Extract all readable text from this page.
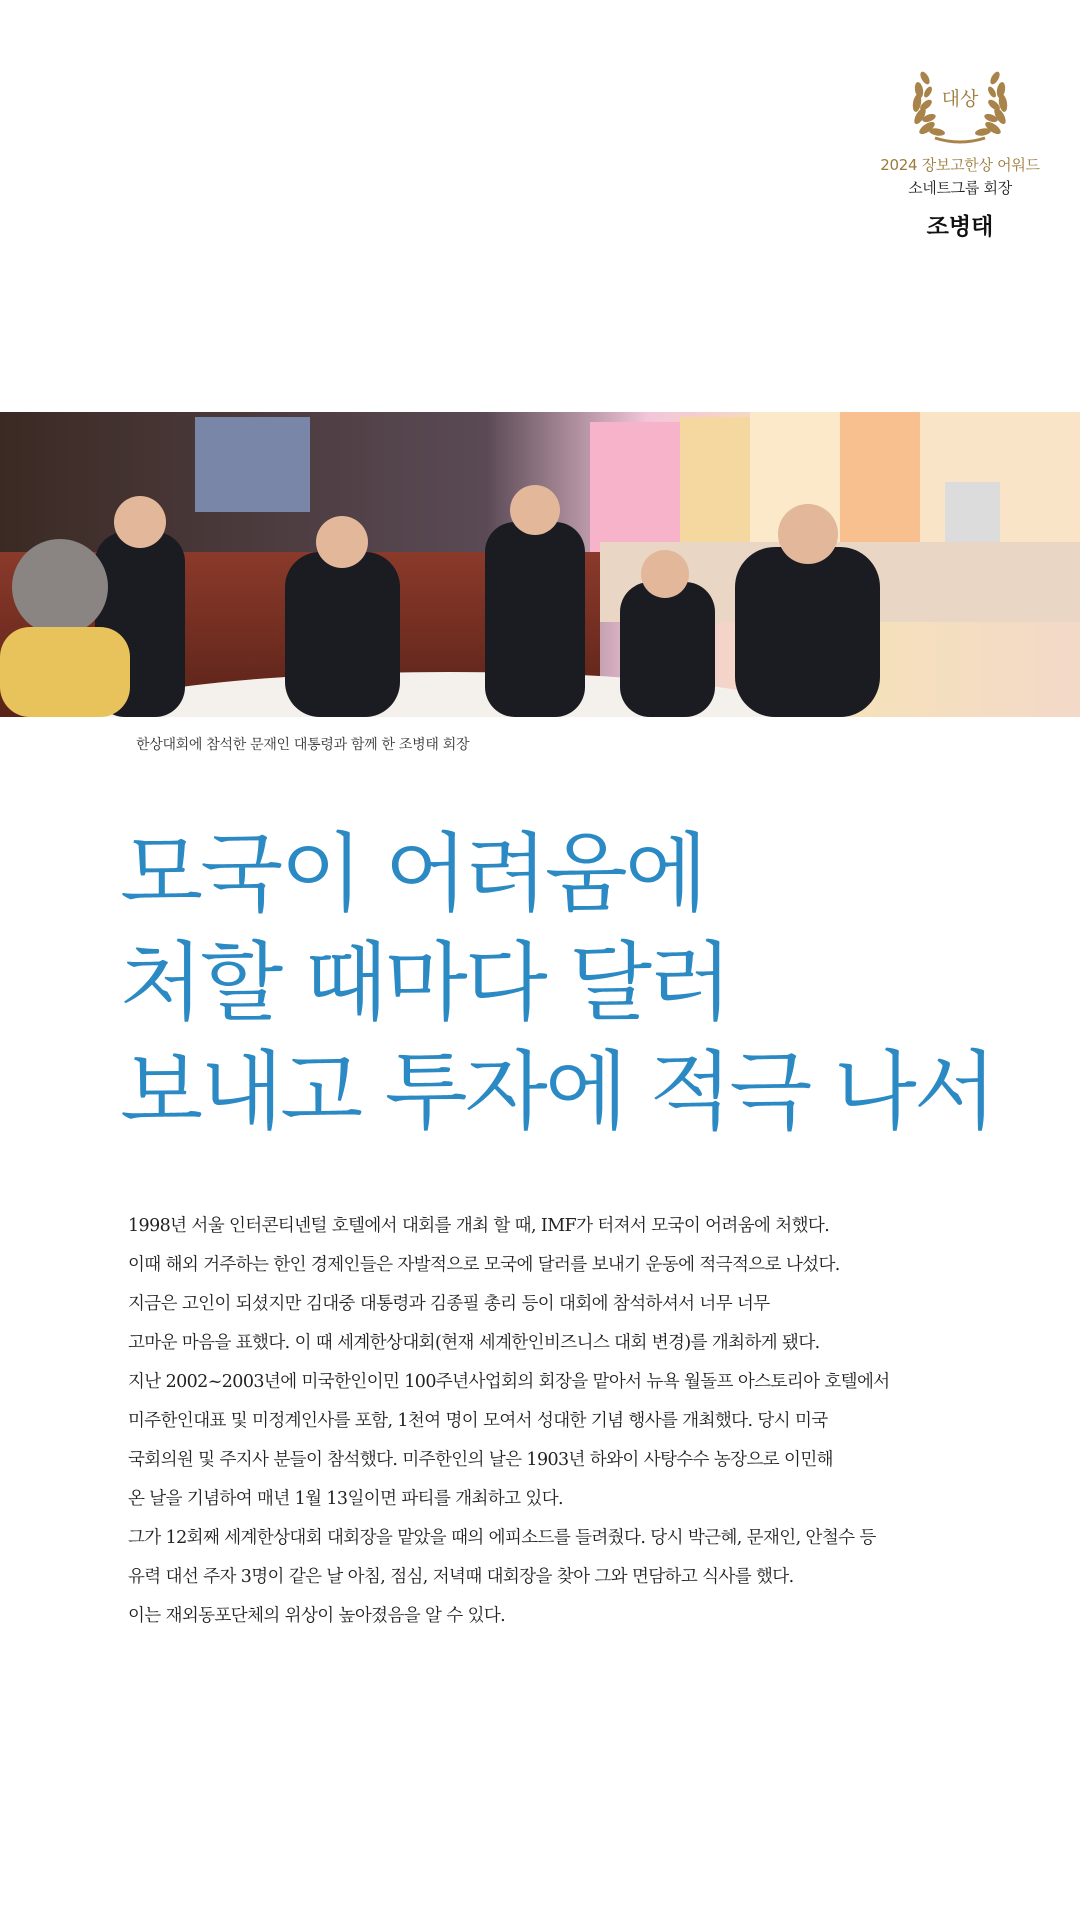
대상
2024 장보고한상 어워드
소네트그룹 회장
조병태
한상대회에 참석한 문재인 대통령과 함께 한 조병태 회장
모국이 어려움에
처할 때마다 달러
보내고 투자에 적극 나서

1998년 서울 인터콘티넨털 호텔에서 대회를 개최 할 때, IMF가 터져서 모국이 어려움에 처했다.

이때 해외 거주하는 한인 경제인들은 자발적으로 모국에 달러를 보내기 운동에 적극적으로 나섰다.

지금은 고인이 되셨지만 김대중 대통령과 김종필 총리 등이 대회에 참석하셔서 너무 너무

고마운 마음을 표했다. 이 때 세계한상대회(현재 세계한인비즈니스 대회 변경)를 개최하게 됐다.

지난 2002~2003년에 미국한인이민 100주년사업회의 회장을 맡아서 뉴욕 월돌프 아스토리아 호텔에서

미주한인대표 및 미정계인사를 포함, 1천여 명이 모여서 성대한 기념 행사를 개최했다. 당시 미국

국회의원 및 주지사 분들이 참석했다. 미주한인의 날은 1903년 하와이 사탕수수 농장으로 이민해

온 날을 기념하여 매년 1월 13일이면 파티를 개최하고 있다.

그가 12회째 세계한상대회 대회장을 맡았을 때의 에피소드를 들려줬다. 당시 박근혜, 문재인, 안철수 등

유력 대선 주자 3명이 같은 날 아침, 점심, 저녁때 대회장을 찾아 그와 면담하고 식사를 했다.

이는 재외동포단체의 위상이 높아졌음을 알 수 있다.
